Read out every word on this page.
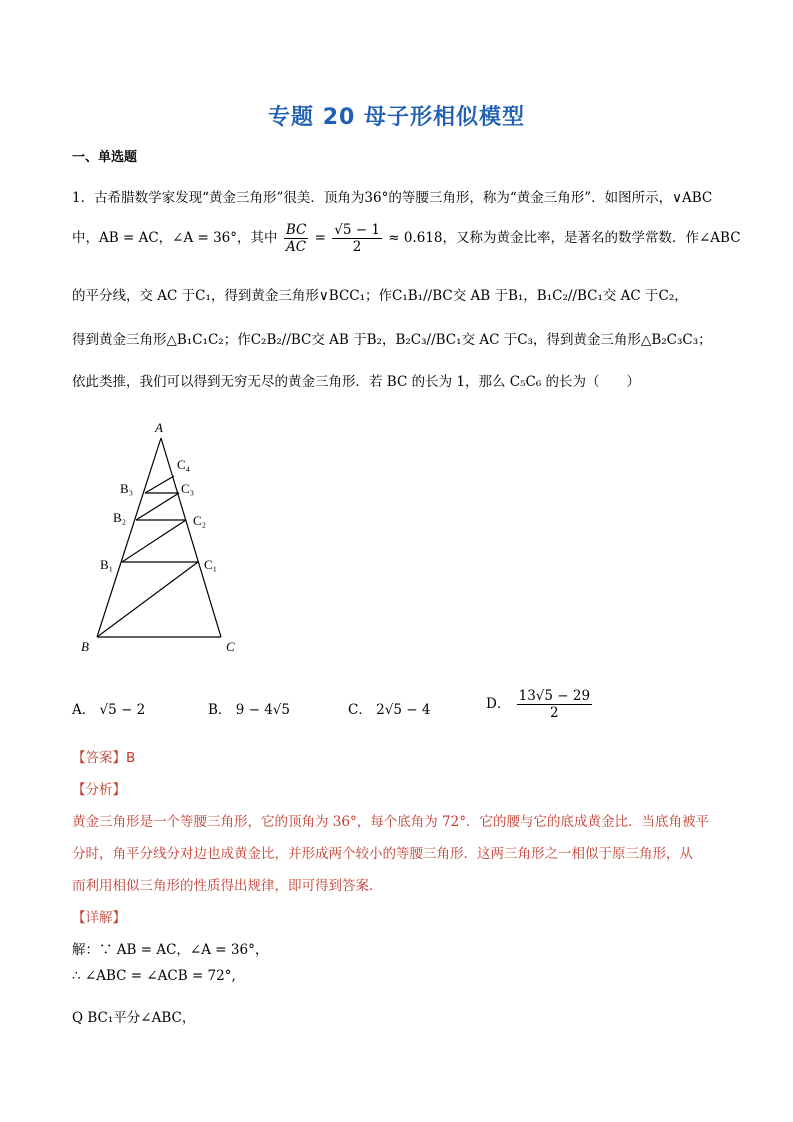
专题 20 母子形相似模型
一、单选题
1．古希腊数学家发现“黄金三角形”很美．顶角为36°的等腰三角形，称为“黄金三角形”．如图所示，∨ABC
中，AB = AC，∠A = 36°，其中 $\frac{BC}{AC} = \frac{√5 - 1}{2} \approx 0.618$，又称为黄金比率，是著名的数学常数．作∠ABC
的平分线，交 AC 于C₁，得到黄金三角形∨BCC₁；作C₁B₁//BC交 AB 于B₁，B₁C₂//BC₁交 AC 于C₂，
得到黄金三角形△B₁C₁C₂；作C₂B₂//BC交 AB 于B₂，B₂C₃//BC₁交 AC 于C₃，得到黄金三角形△B₂C₃C₃；
依此类推，我们可以得到无穷无尽的黄金三角形．若 BC 的长为 1，那么 C₅C₆ 的长为（　　）
A
B	C
B₁
B₂
B₃
C₁
C₂
C₃
C₄
A． √5 − 2	B． 9 − 4√5	C． 2√5 − 4	D． $\frac{13√5 - 29}{2}$
【答案】B
【分析】
黄金三角形是一个等腰三角形，它的顶角为 36°，每个底角为 72°．它的腰与它的底成黄金比．当底角被平
分时，角平分线分对边也成黄金比，并形成两个较小的等腰三角形．这两三角形之一相似于原三角形，从
而利用相似三角形的性质得出规律，即可得到答案．
【详解】
解：∵ AB = AC，∠A = 36°，
∴ ∠ABC = ∠ACB = 72°,
Q BC₁平分∠ABC，
